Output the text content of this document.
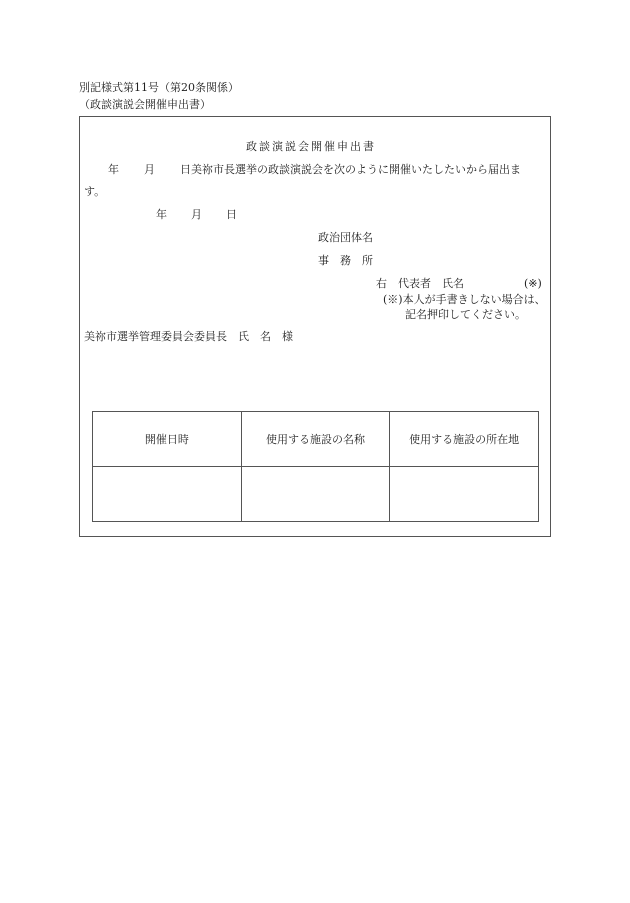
別記様式第11号（第20条関係）
（政談演説会開催申出書）
政談演説会開催申出書
年 月 日美祢市長選挙の政談演説会を次のように開催いたしたいから届出ま
す。
年 月 日
政治団体名
事　務　所
右　代表者　氏名	(※)
(※)本人が手書きしない場合は、
記名押印してください。
美祢市選挙管理委員会委員長　氏　名　様
開催日時	使用する施設の名称	使用する施設の所在地
